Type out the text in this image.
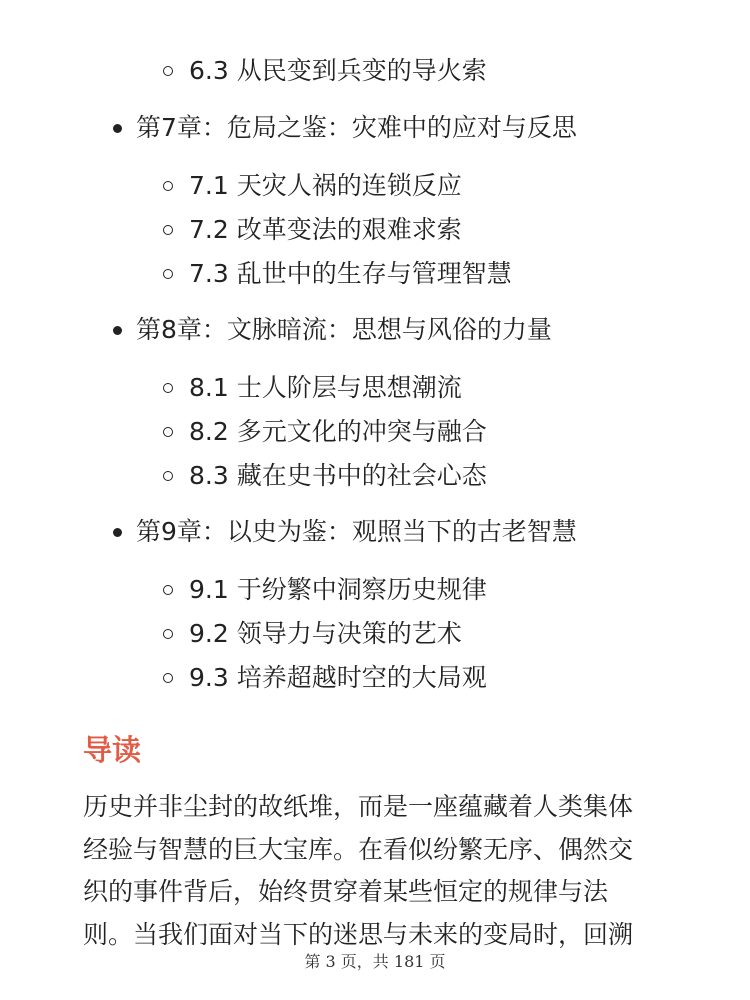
6.3 从民变到兵变的导火索
第7章：危局之鉴：灾难中的应对与反思
7.1 天灾人祸的连锁反应
7.2 改革变法的艰难求索
7.3 乱世中的生存与管理智慧
第8章：文脉暗流：思想与风俗的力量
8.1 士人阶层与思想潮流
8.2 多元文化的冲突与融合
8.3 藏在史书中的社会心态
第9章：以史为鉴：观照当下的古老智慧
9.1 于纷繁中洞察历史规律
9.2 领导力与决策的艺术
9.3 培养超越时空的大局观
导读
历史并非尘封的故纸堆，而是一座蕴藏着人类集体
经验与智慧的巨大宝库。在看似纷繁无序、偶然交
织的事件背后，始终贯穿着某些恒定的规律与法
则。当我们面对当下的迷思与未来的变局时，回溯
第 3 页，共 181 页
